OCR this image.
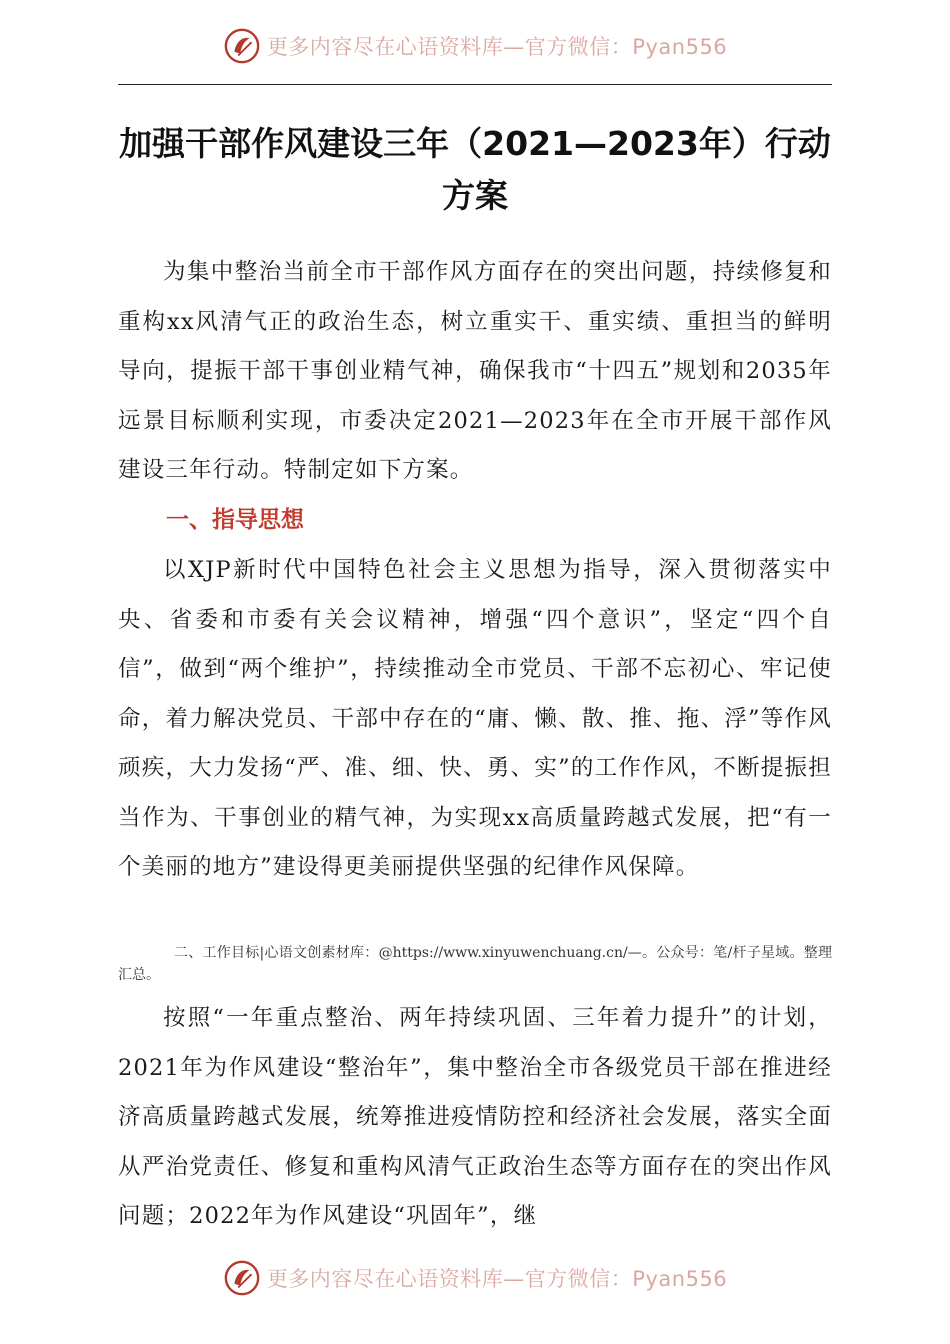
更多内容尽在心语资料库—官方微信：Pyan556
加强干部作风建设三年（2021—2023年）行动
方案
为集中整治当前全市干部作风方面存在的突出问题，持续修复和重构xx风清气正的政治生态，树立重实干、重实绩、重担当的鲜明导向，提振干部干事创业精气神，确保我市“十四五”规划和2035年远景目标顺利实现，市委决定2021—2023年在全市开展干部作风建设三年行动。特制定如下方案。
一、指导思想
以XJP新时代中国特色社会主义思想为指导，深入贯彻落实中央、省委和市委有关会议精神，增强“四个意识”，坚定“四个自信”，做到“两个维护”，持续推动全市党员、干部不忘初心、牢记使命，着力解决党员、干部中存在的“庸、懒、散、推、拖、浮”等作风顽疾，大力发扬“严、准、细、快、勇、实”的工作作风，不断提振担当作为、干事创业的精气神，为实现xx高质量跨越式发展，把“有一个美丽的地方”建设得更美丽提供坚强的纪律作风保障。
二、工作目标|心语文创素材库：@https://www.xinyuwenchuang.cn/—。公众号：笔/杆子星域。整理汇总。
按照“一年重点整治、两年持续巩固、三年着力提升”的计划，2021年为作风建设“整治年”，集中整治全市各级党员干部在推进经济高质量跨越式发展，统筹推进疫情防控和经济社会发展，落实全面从严治党责任、修复和重构风清气正政治生态等方面存在的突出作风问题；2022年为作风建设“巩固年”，继
更多内容尽在心语资料库—官方微信：Pyan556
